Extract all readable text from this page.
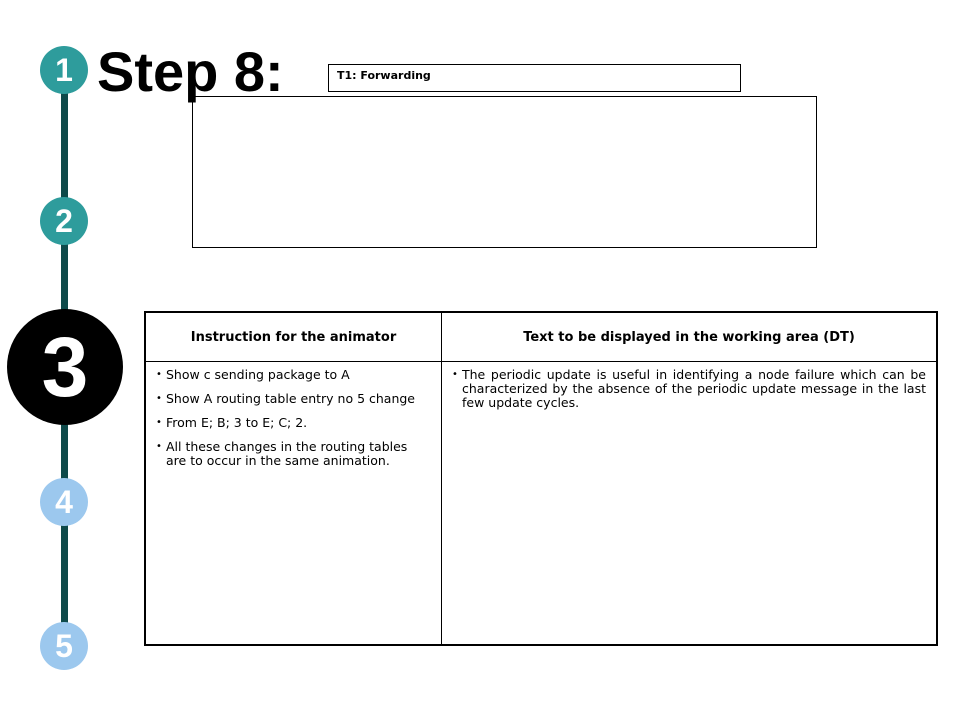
1
2
3
4
5
Step 8:	T1: Forwarding
Instruction for the animator	Text to be displayed in the working area (DT)
• Show c sending package to A
• Show A routing table entry no 5 change
• From E; B; 3 to E; C; 2.
• All these changes in the routing tables are to occur in the same animation.
• The periodic update is useful in identifying a node failure which can be characterized by the absence of the periodic update message in the last few update cycles.
